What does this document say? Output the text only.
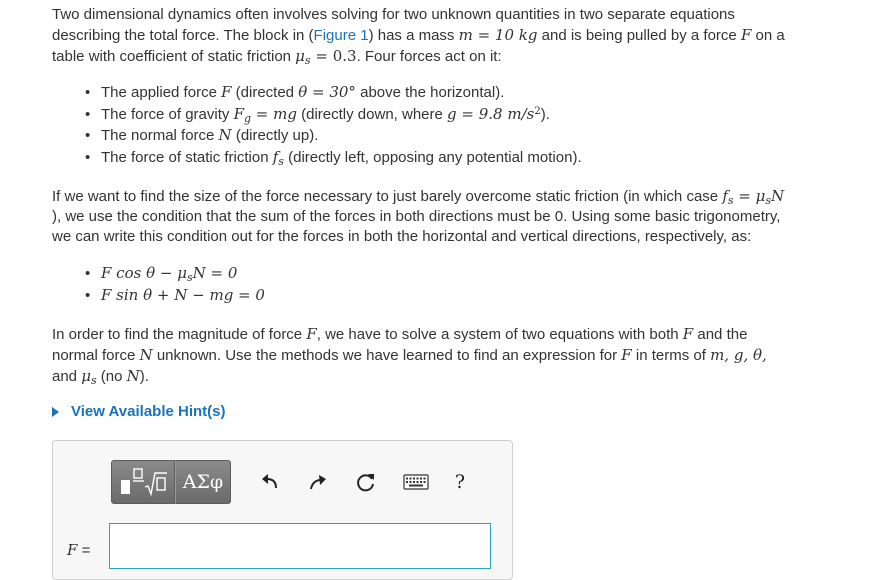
Two dimensional dynamics often involves solving for two unknown quantities in two separate equations describing the total force. The block in (Figure 1) has a mass m = 10 kg and is being pulled by a force F on a table with coefficient of static friction $\mu_s = 0.3$. Four forces act on it:
• The applied force F (directed θ = 30° above the horizontal).
• The force of gravity $F_g$ = mg (directly down, where g = 9.8 $m/s^2$).
• The normal force N (directly up).
• The force of static friction $f_s$ (directly left, opposing any potential motion).
If we want to find the size of the force necessary to just barely overcome static friction (in which case $f_s = \mu_sN$ ), we use the condition that the sum of the forces in both directions must be 0. Using some basic trigonometry, we can write this condition out for the forces in both the horizontal and vertical directions, respectively, as:
• F $\cos \theta - \mu_sN = 0$
• F sin θ + N − mg = 0
In order to find the magnitude of force F, we have to solve a system of two equations with both F and the normal force N unknown. Use the methods we have learned to find an expression for F in terms of m, g, θ, and $\mu_s$ (no N).
View Available Hint(s)
ΑΣφ	?
F =
